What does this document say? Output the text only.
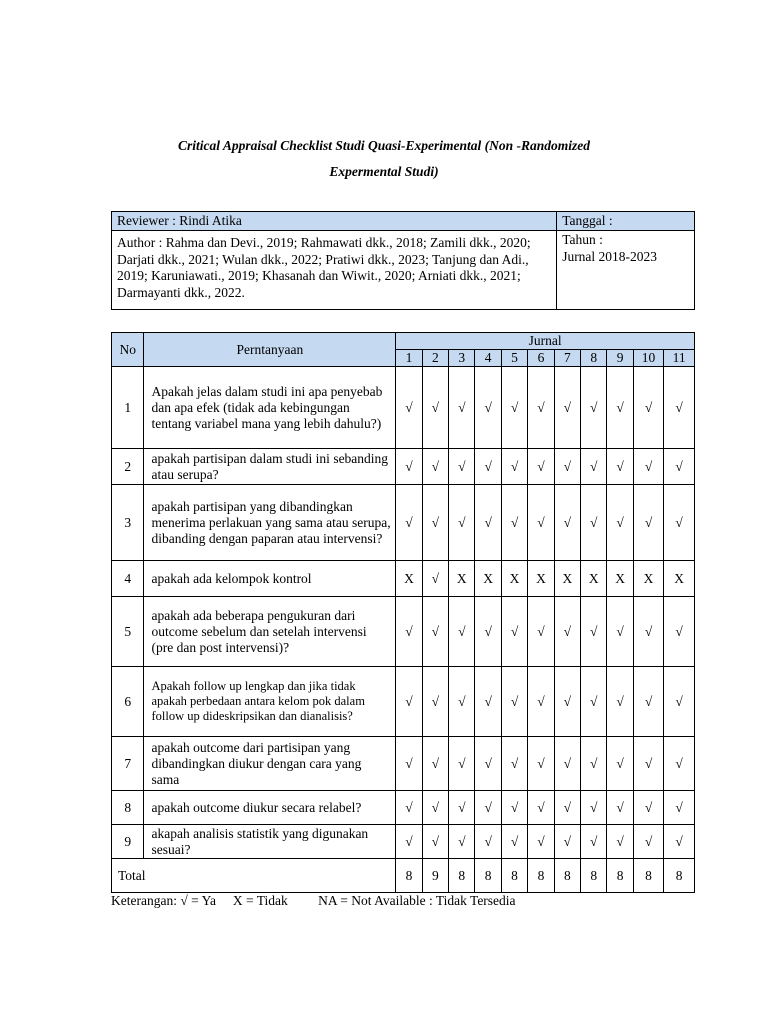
Critical Appraisal Checklist Studi Quasi-Experimental (Non -Randomized
Expermental Studi)
Reviewer : Rindi Atika	Tanggal :
Author : Rahma dan Devi., 2019; Rahmawati dkk., 2018; Zamili dkk., 2020; Darjati dkk., 2021; Wulan dkk., 2022; Pratiwi dkk., 2023; Tanjung dan Adi., 2019; Karuniawati., 2019; Khasanah dan Wiwit., 2020; Arniati dkk., 2021; Darmayanti dkk., 2022.	Tahun :
Jurnal 2018-2023
No	Perntanyaan	Jurnal										
		1	2	3	4	5	6	7	8	9	10	11
1	Apakah jelas dalam studi ini apa penyebab dan apa efek (tidak ada kebingungan tentang variabel mana yang lebih dahulu?)	√	√	√	√	√	√	√	√	√	√	√
2	apakah partisipan dalam studi ini sebanding atau serupa?	√	√	√	√	√	√	√	√	√	√	√
3	apakah partisipan yang dibandingkan menerima perlakuan yang sama atau serupa, dibanding dengan paparan atau intervensi?	√	√	√	√	√	√	√	√	√	√	√
4	apakah ada kelompok kontrol	X	√	X	X	X	X	X	X	X	X	X
5	apakah ada beberapa pengukuran dari outcome sebelum dan setelah intervensi (pre dan post intervensi)?	√	√	√	√	√	√	√	√	√	√	√
6	Apakah follow up lengkap dan jika tidak apakah perbedaan antara kelom pok dalam follow up dideskripsikan dan dianalisis?	√	√	√	√	√	√	√	√	√	√	√
7	apakah outcome dari partisipan yang dibandingkan diukur dengan cara yang sama	√	√	√	√	√	√	√	√	√	√	√
8	apakah outcome diukur secara relabel?	√	√	√	√	√	√	√	√	√	√	√
9	akapah analisis statistik yang digunakan sesuai?	√	√	√	√	√	√	√	√	√	√	√
Total		8	9	8	8	8	8	8	8	8	8	8
Keterangan: √ = Ya     X = Tidak         NA = Not Available : Tidak Tersedia
